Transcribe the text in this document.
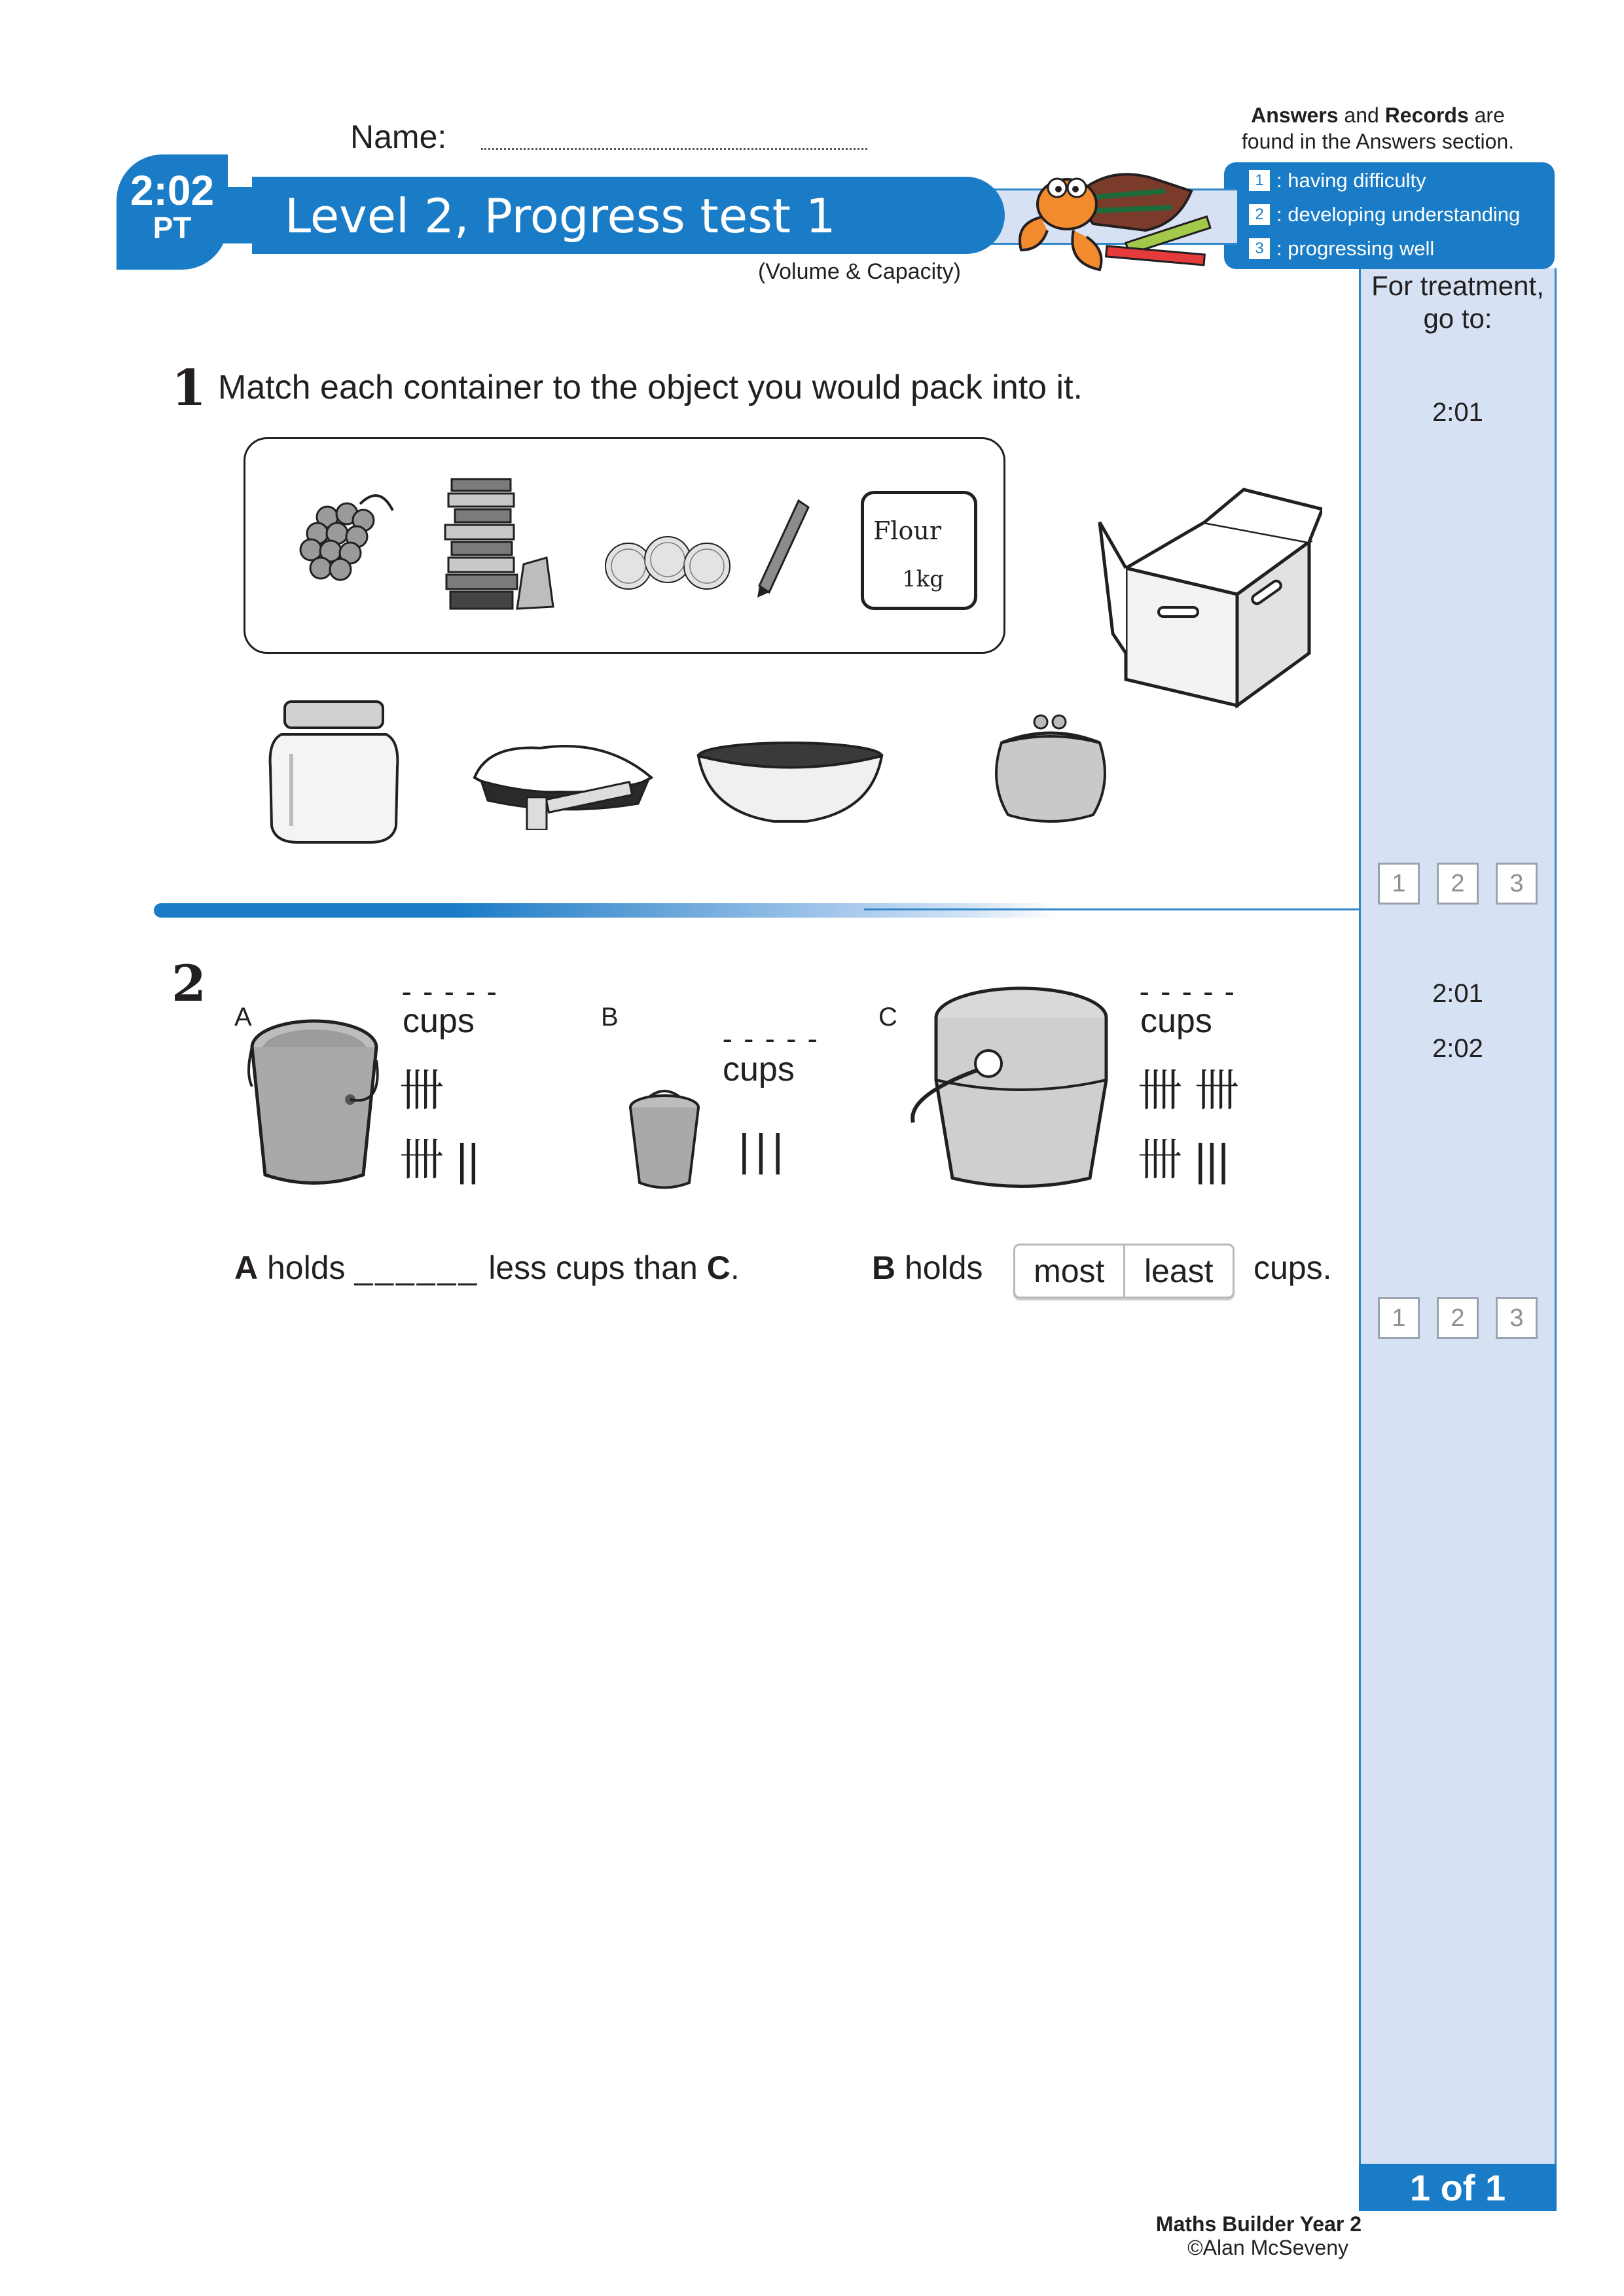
For treatment,
go to:
2:01
1	2	3
2:01
2:02
1	2	3
1 of 1
Name:
Answers and Records are
found in the Answers section.
1 : having difficulty
2 : developing understanding
3 : progressing well
2:02
PT	Level 2, Progress test 1
(Volume & Capacity)
1 Match each container to the object you would pack into it.
Flour
1kg
2
A
-----
cups
卌
卌 ||
B
-----
cups
|||
C
-----
cups
卌 卌
卌 |||
A holds ______ less cups than C.	B holds	most	least	cups.
Maths Builder Year 2
©Alan McSeveny
